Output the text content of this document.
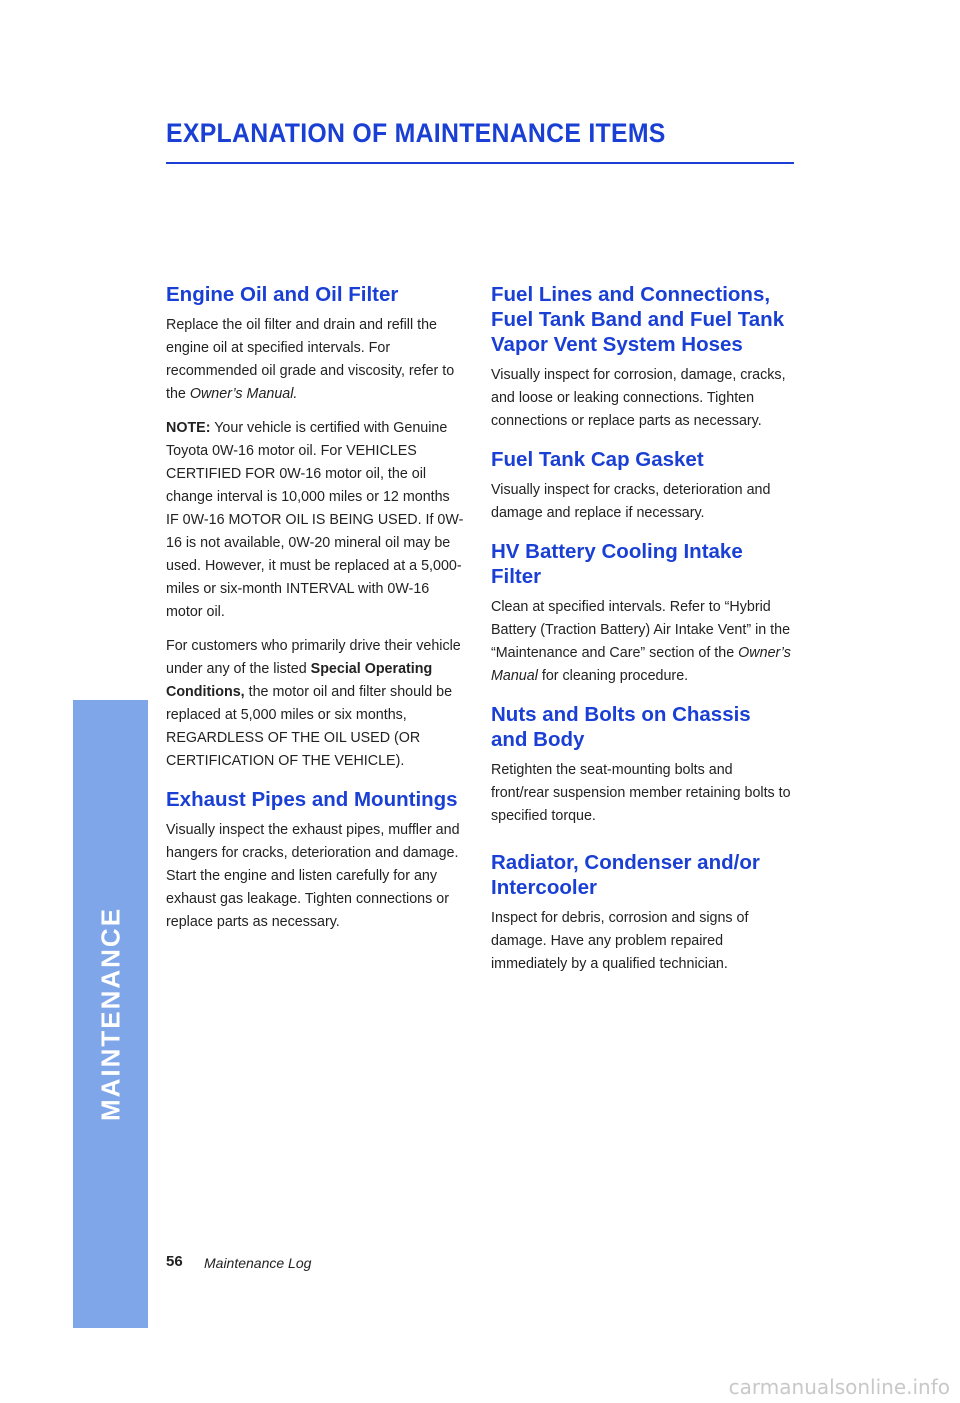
EXPLANATION OF MAINTENANCE ITEMS
MAINTENANCE
Engine Oil and Oil Filter

Replace the oil filter and drain and refill the engine oil at specified intervals. For recommended oil grade and viscosity, refer to the Owner’s Manual.

NOTE: Your vehicle is certified with Genuine Toyota 0W-16 motor oil. For VEHICLES CERTIFIED FOR 0W-16 motor oil, the oil change interval is 10,000 miles or 12 months IF 0W-16 MOTOR OIL IS BEING USED. If 0W-16 is not available, 0W-20 mineral oil may be used. However, it must be replaced at a 5,000-miles or six-month INTERVAL with 0W-16 motor oil.

For customers who primarily drive their vehicle under any of the listed Special Operating Conditions, the motor oil and filter should be replaced at 5,000 miles or six months, REGARDLESS OF THE OIL USED (OR CERTIFICATION OF THE VEHICLE).

Exhaust Pipes and Mountings

Visually inspect the exhaust pipes, muffler and hangers for cracks, deterioration and damage. Start the engine and listen carefully for any exhaust gas leakage. Tighten connections or replace parts as necessary.

Fuel Lines and Connections, Fuel Tank Band and Fuel Tank Vapor Vent System Hoses

Visually inspect for corrosion, damage, cracks, and loose or leaking connections. Tighten connections or replace parts as necessary.

Fuel Tank Cap Gasket

Visually inspect for cracks, deterioration and damage and replace if necessary.

HV Battery Cooling Intake Filter

Clean at specified intervals. Refer to “Hybrid Battery (Traction Battery) Air Intake Vent” in the “Maintenance and Care” section of the Owner’s Manual for cleaning procedure.

Nuts and Bolts on Chassis and Body

Retighten the seat-mounting bolts and front/rear suspension member retaining bolts to specified torque.

Radiator, Condenser and/or Intercooler

Inspect for debris, corrosion and signs of damage. Have any problem repaired immediately by a qualified technician.

56 Maintenance Log
carmanualsonline.info
